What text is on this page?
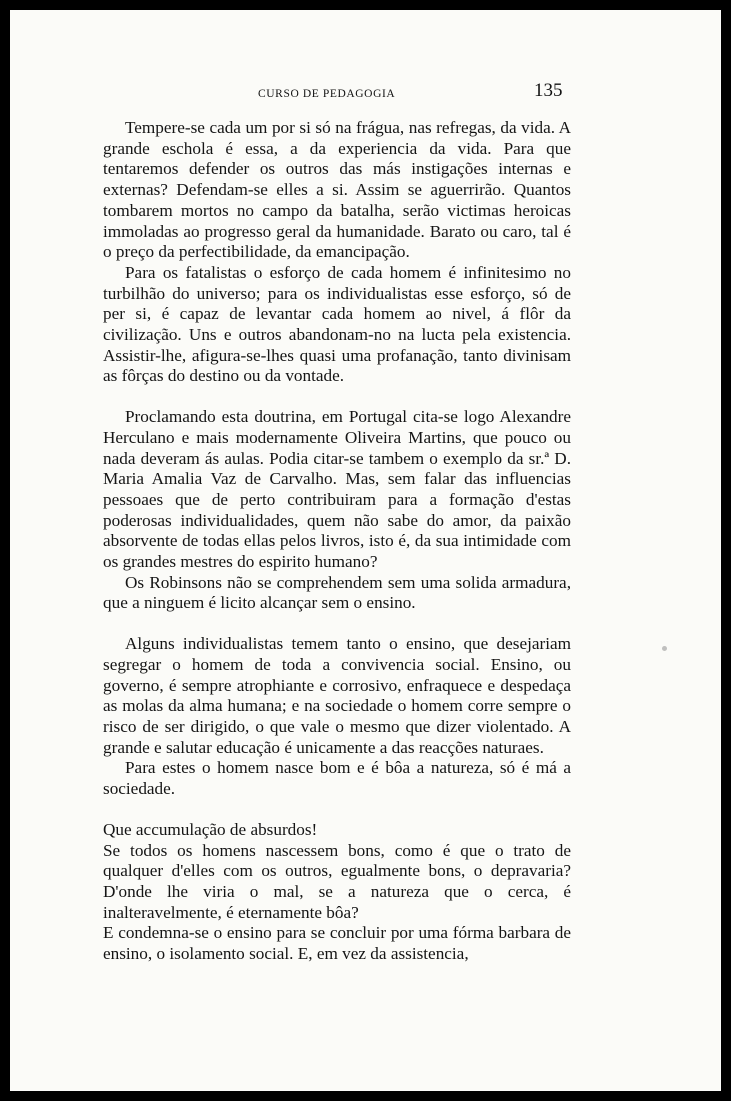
CURSO DE PEDAGOGIA	135

Tempere-se cada um por si só na frágua, nas refregas, da vida. A grande eschola é essa, a da experiencia da vida. Para que tentaremos defender os outros das más instigações internas e externas? Defendam-se elles a si. Assim se aguerrirão. Quantos tombarem mortos no campo da batalha, serão victimas heroicas immoladas ao progresso geral da humanidade. Barato ou caro, tal é o preço da perfectibilidade, da emancipação.

Para os fatalistas o esforço de cada homem é infinitesimo no turbilhão do universo; para os individualistas esse esforço, só de per si, é capaz de levantar cada homem ao nivel, á flôr da civilização. Uns e outros abandonam-no na lucta pela existencia. Assistir-lhe, afigura-se-lhes quasi uma profanação, tanto divinisam as fôrças do destino ou da vontade.

Proclamando esta doutrina, em Portugal cita-se logo Alexandre Herculano e mais modernamente Oliveira Martins, que pouco ou nada deveram ás aulas. Podia citar-se tambem o exemplo da sr.ª D. Maria Amalia Vaz de Carvalho. Mas, sem falar das influencias pessoaes que de perto contribuiram para a formação d'estas poderosas individualidades, quem não sabe do amor, da paixão absorvente de todas ellas pelos livros, isto é, da sua intimidade com os grandes mestres do espirito humano?

Os Robinsons não se comprehendem sem uma solida armadura, que a ninguem é licito alcançar sem o ensino.

Alguns individualistas temem tanto o ensino, que desejariam segregar o homem de toda a convivencia social. Ensino, ou governo, é sempre atrophiante e corrosivo, enfraquece e despedaça as molas da alma humana; e na sociedade o homem corre sempre o risco de ser dirigido, o que vale o mesmo que dizer violentado. A grande e salutar educação é unicamente a das reacções naturaes.

Para estes o homem nasce bom e é bôa a natureza, só é má a sociedade.

Que accumulação de absurdos!

Se todos os homens nascessem bons, como é que o trato de qualquer d'elles com os outros, egualmente bons, o depravaria? D'onde lhe viria o mal, se a natureza que o cerca, é inalteravelmente, é eternamente bôa?

E condemna-se o ensino para se concluir por uma fórma barbara de ensino, o isolamento social. E, em vez da assistencia,
